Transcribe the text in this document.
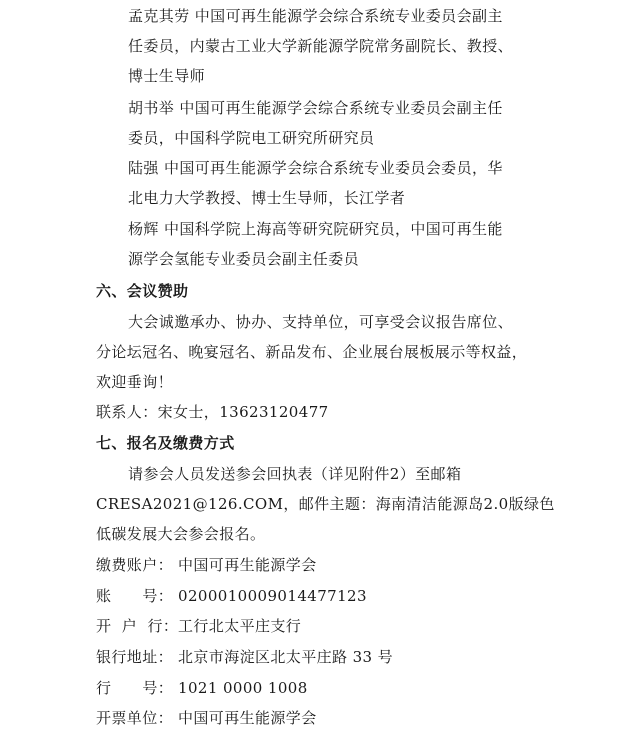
孟克其劳 中国可再生能源学会综合系统专业委员会副主
任委员，内蒙古工业大学新能源学院常务副院长、教授、
博士生导师
胡书举 中国可再生能源学会综合系统专业委员会副主任
委员，中国科学院电工研究所研究员
陆强 中国可再生能源学会综合系统专业委员会委员，华
北电力大学教授、博士生导师，长江学者
杨辉 中国科学院上海高等研究院研究员，中国可再生能
源学会氢能专业委员会副主任委员
六、会议赞助
大会诚邀承办、协办、支持单位，可享受会议报告席位、
分论坛冠名、晚宴冠名、新品发布、企业展台展板展示等权益，
欢迎垂询！
联系人：宋女士，13623120477
七、报名及缴费方式
请参会人员发送参会回执表（详见附件2）至邮箱
CRESA2021@126.COM，邮件主题：海南清洁能源岛2.0版绿色
低碳发展大会参会报名。
缴费账户： 中国可再生能源学会
账      号： 0200010009014477123
开  户  行：工行北太平庄支行
银行地址： 北京市海淀区北太平庄路 33 号
行      号： 1021 0000 1008
开票单位： 中国可再生能源学会
